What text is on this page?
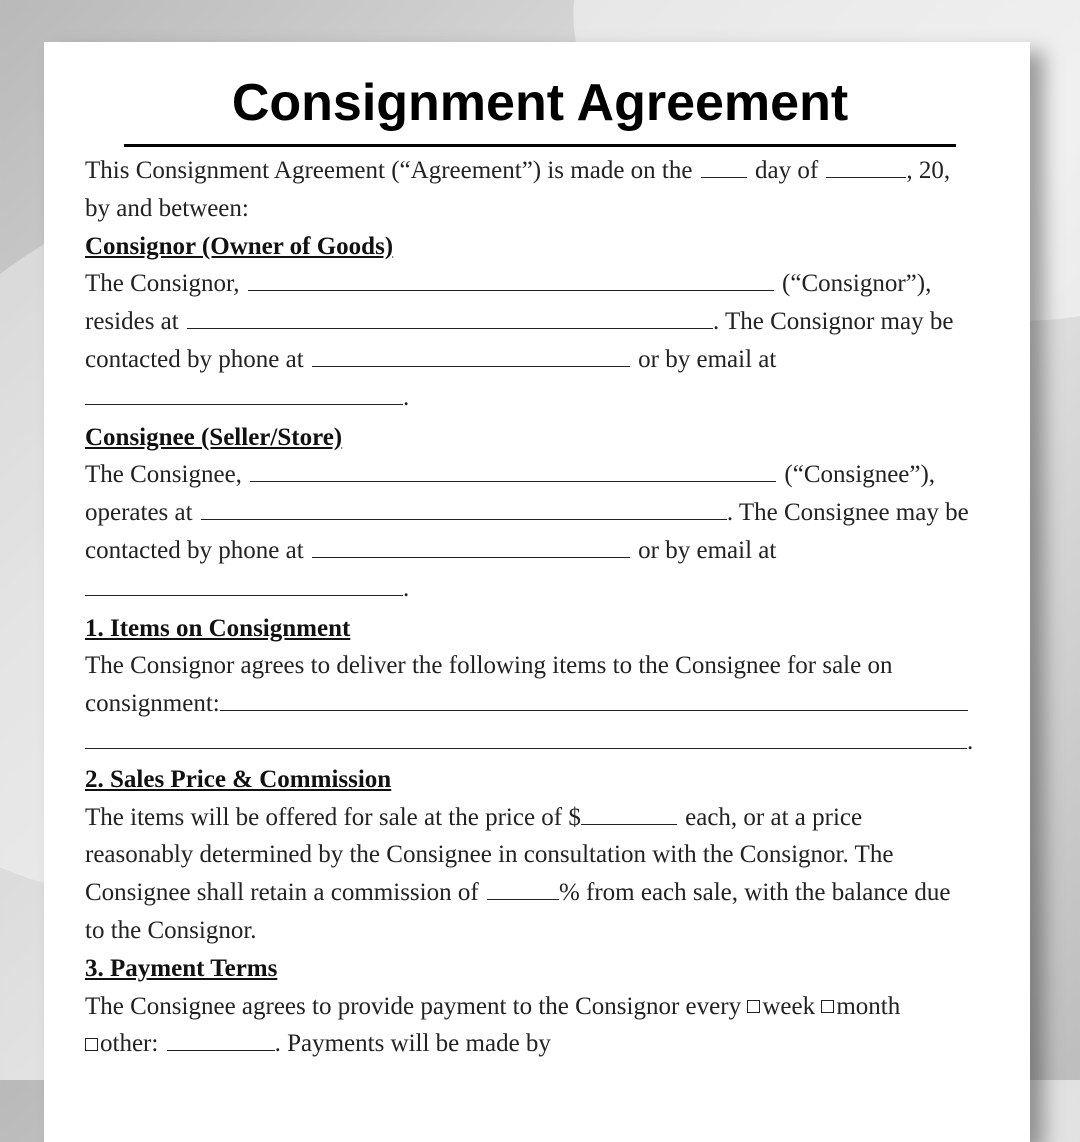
Consignment Agreement
This Consignment Agreement (“Agreement”) is made on the	day of	, 20,
by and between:
Consignor (Owner of Goods)
The Consignor,	(“Consignor”),
resides at	. The Consignor may be
contacted by phone at	or by email at
.
Consignee (Seller/Store)
The Consignee,	(“Consignee”),
operates at	. The Consignee may be
contacted by phone at	or by email at
.
1. Items on Consignment
The Consignor agrees to deliver the following items to the Consignee for sale on
consignment:
.
2. Sales Price & Commission
The items will be offered for sale at the price of $	each, or at a price
reasonably determined by the Consignee in consultation with the Consignor. The
Consignee shall retain a commission of	% from each sale, with the balance due
to the Consignor.
3. Payment Terms
The Consignee agrees to provide payment to the Consignor every week month
other:	. Payments will be made by
